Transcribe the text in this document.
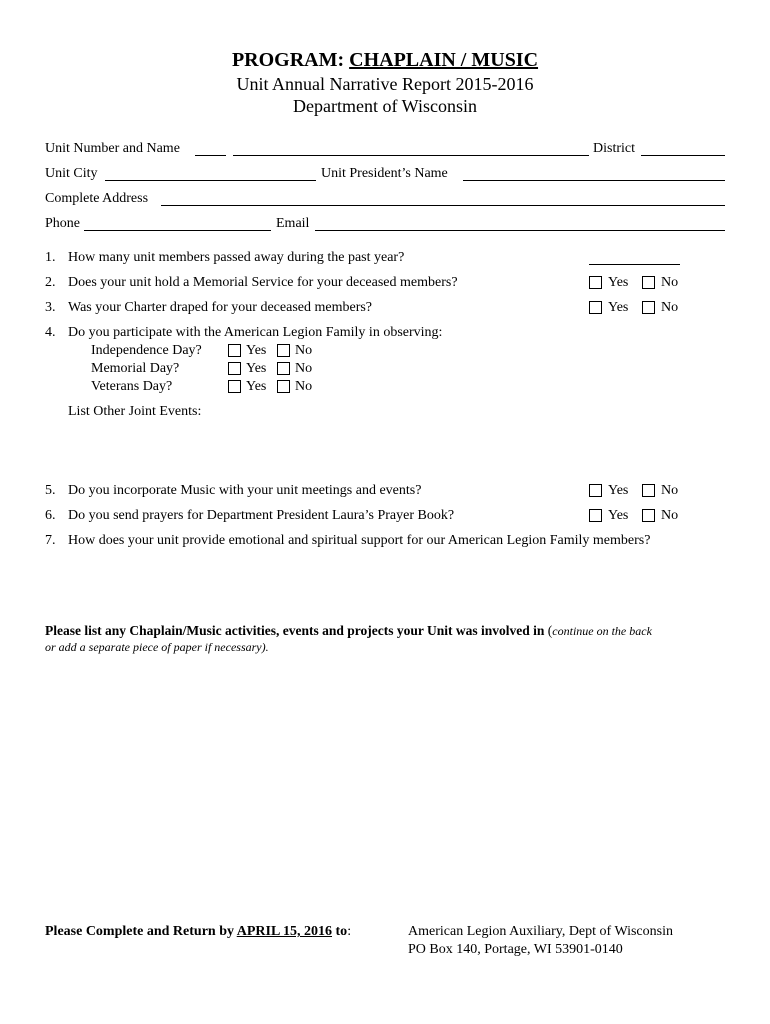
PROGRAM: CHAPLAIN / MUSIC
Unit Annual Narrative Report 2015-2016
Department of Wisconsin
Unit Number and Name	District
Unit City	Unit President’s Name
Complete Address
Phone	Email
1. How many unit members passed away during the past year?
2. Does your unit hold a Memorial Service for your deceased members?	Yes No
3. Was your Charter draped for your deceased members?	Yes No
4. Do you participate with the American Legion Family in observing:
Independence Day?	Yes No
Memorial Day?	Yes No
Veterans Day?	Yes No
List Other Joint Events:
5. Do you incorporate Music with your unit meetings and events?	Yes No
6. Do you send prayers for Department President Laura’s Prayer Book?	Yes No
7. How does your unit provide emotional and spiritual support for our American Legion Family members?
Please list any Chaplain/Music activities, events and projects your Unit was involved in (continue on the back
or add a separate piece of paper if necessary).
Please Complete and Return by APRIL 15, 2016 to:	American Legion Auxiliary, Dept of Wisconsin
PO Box 140, Portage, WI 53901-0140
